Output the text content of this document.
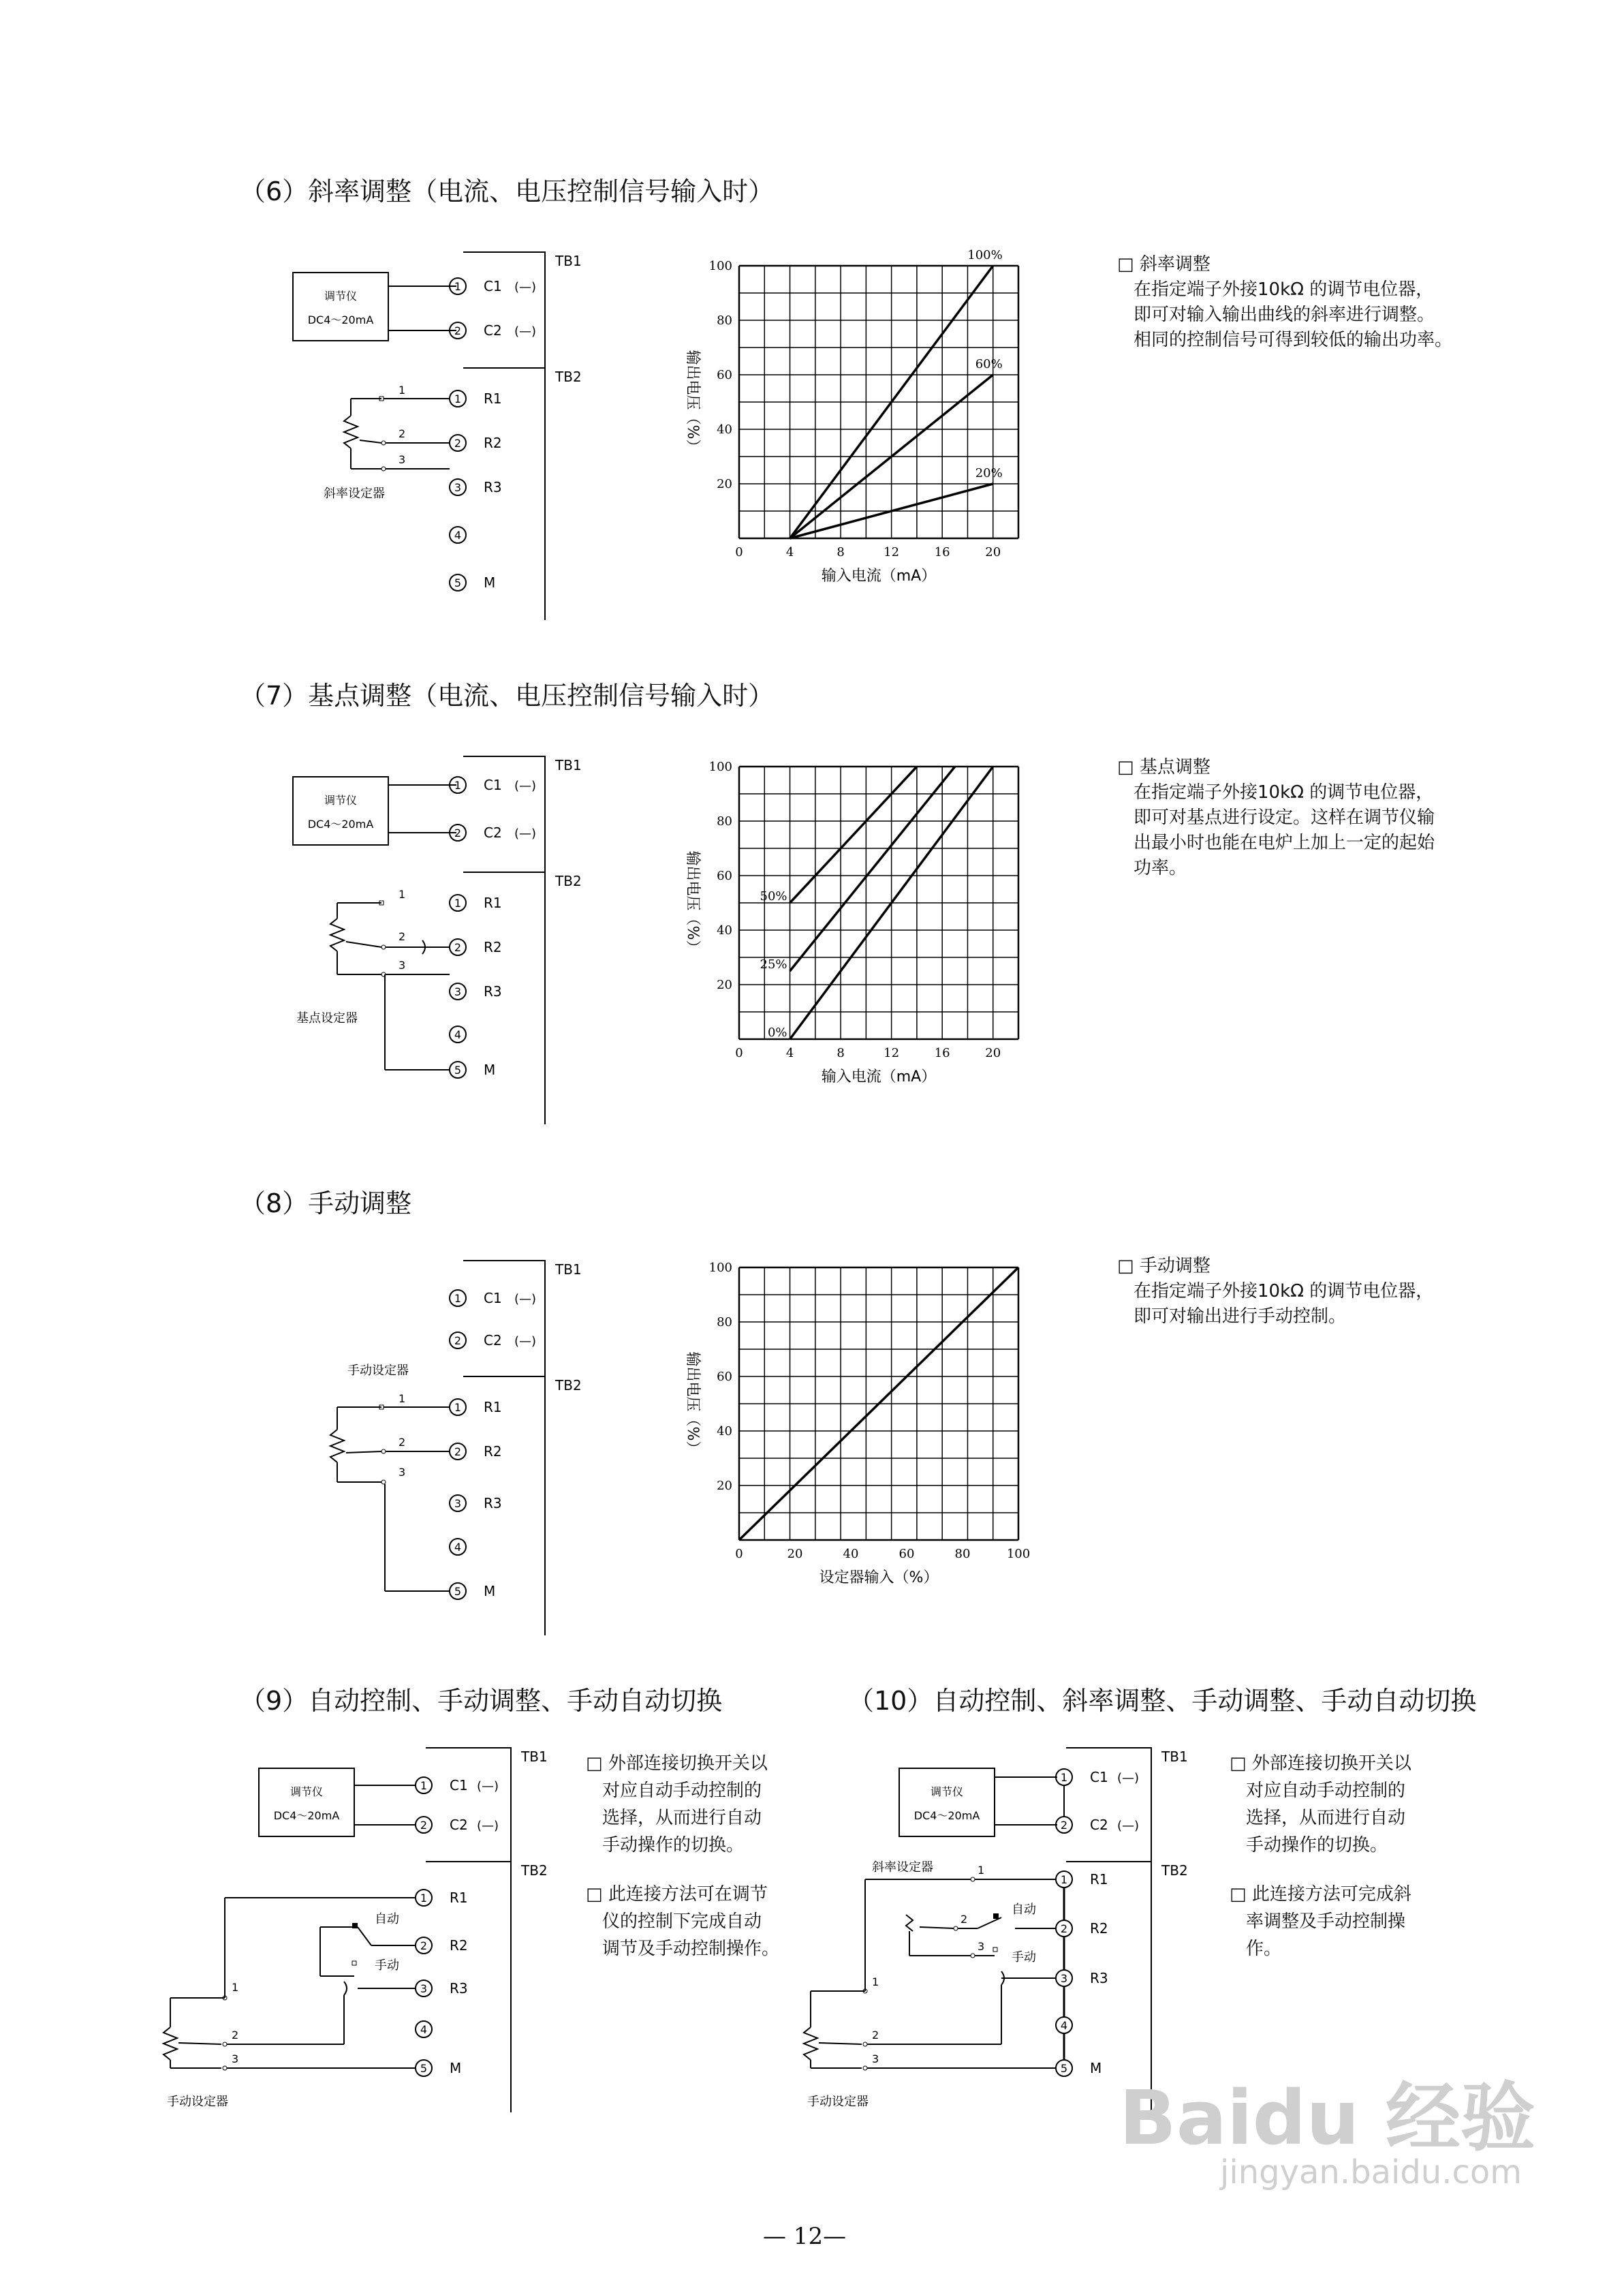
（6）斜率调整（电流、电压控制信号输入时）
调节仪
DC4～20mA
TB1
1 C1 (—)
2 C2 (—)
TB2
1
2
3
斜率设定器
1 R1
2 R2
3 R3
4
5 M
20
40
60
80
100
0	4	8	12	16	20
输入电流（mA）
输出电压（%）
100%
60%
20%
□ 斜率调整
在指定端子外接10kΩ 的调节电位器，
即可对输入输出曲线的斜率进行调整。
相同的控制信号可得到较低的输出功率。
（7）基点调整（电流、电压控制信号输入时）
调节仪
DC4～20mA
TB1
1 C1 (—)
2 C2 (—)
TB2
1
2
3
基点设定器
1 R1
2 R2
3 R3
4
5 M
20
40
60
80
100
0	4	8	12	16	20
输入电流（mA）
输出电压（%）	50%
25%
0%
□ 基点调整
在指定端子外接10kΩ 的调节电位器，
即可对基点进行设定。这样在调节仪输
出最小时也能在电炉上加上一定的起始
功率。
（8）手动调整
TB1
1 C1 (—)
2 C2 (—)
手动设定器
TB2
1
2
3
1 R1
2 R2
3 R3
4
5 M
20
40
60
80
100
0	20	40	60	80	100
设定器输入（%）
输出电压（%）
□ 手动调整
在指定端子外接10kΩ 的调节电位器，
即可对输出进行手动控制。
（9）自动控制、手动调整、手动自动切换
调节仪
DC4～20mA
TB1
1 C1 (—)
2 C2 (—)
TB2
1 R1
2 R2
3 R3
4
5 M
自动
手动
1
2
3
手动设定器
□ 外部连接切换开关以
对应自动手动控制的
选择，从而进行自动
手动操作的切换。
□ 此连接方法可在调节
仪的控制下完成自动
调节及手动控制操作。
（10）自动控制、斜率调整、手动调整、手动自动切换
调节仪
DC4～20mA
TB1
1 C1 (—)
2 C2 (—)
TB2
1 R1
2 R2
3 R3
4
5 M
斜率设定器	1
2
3
自动
手动
1
2
3
手动设定器
□ 外部连接切换开关以
对应自动手动控制的
选择，从而进行自动
手动操作的切换。
□ 此连接方法可完成斜
率调整及手动控制操
作。
Baidu 经验
jingyan.baidu.com
— 12—
